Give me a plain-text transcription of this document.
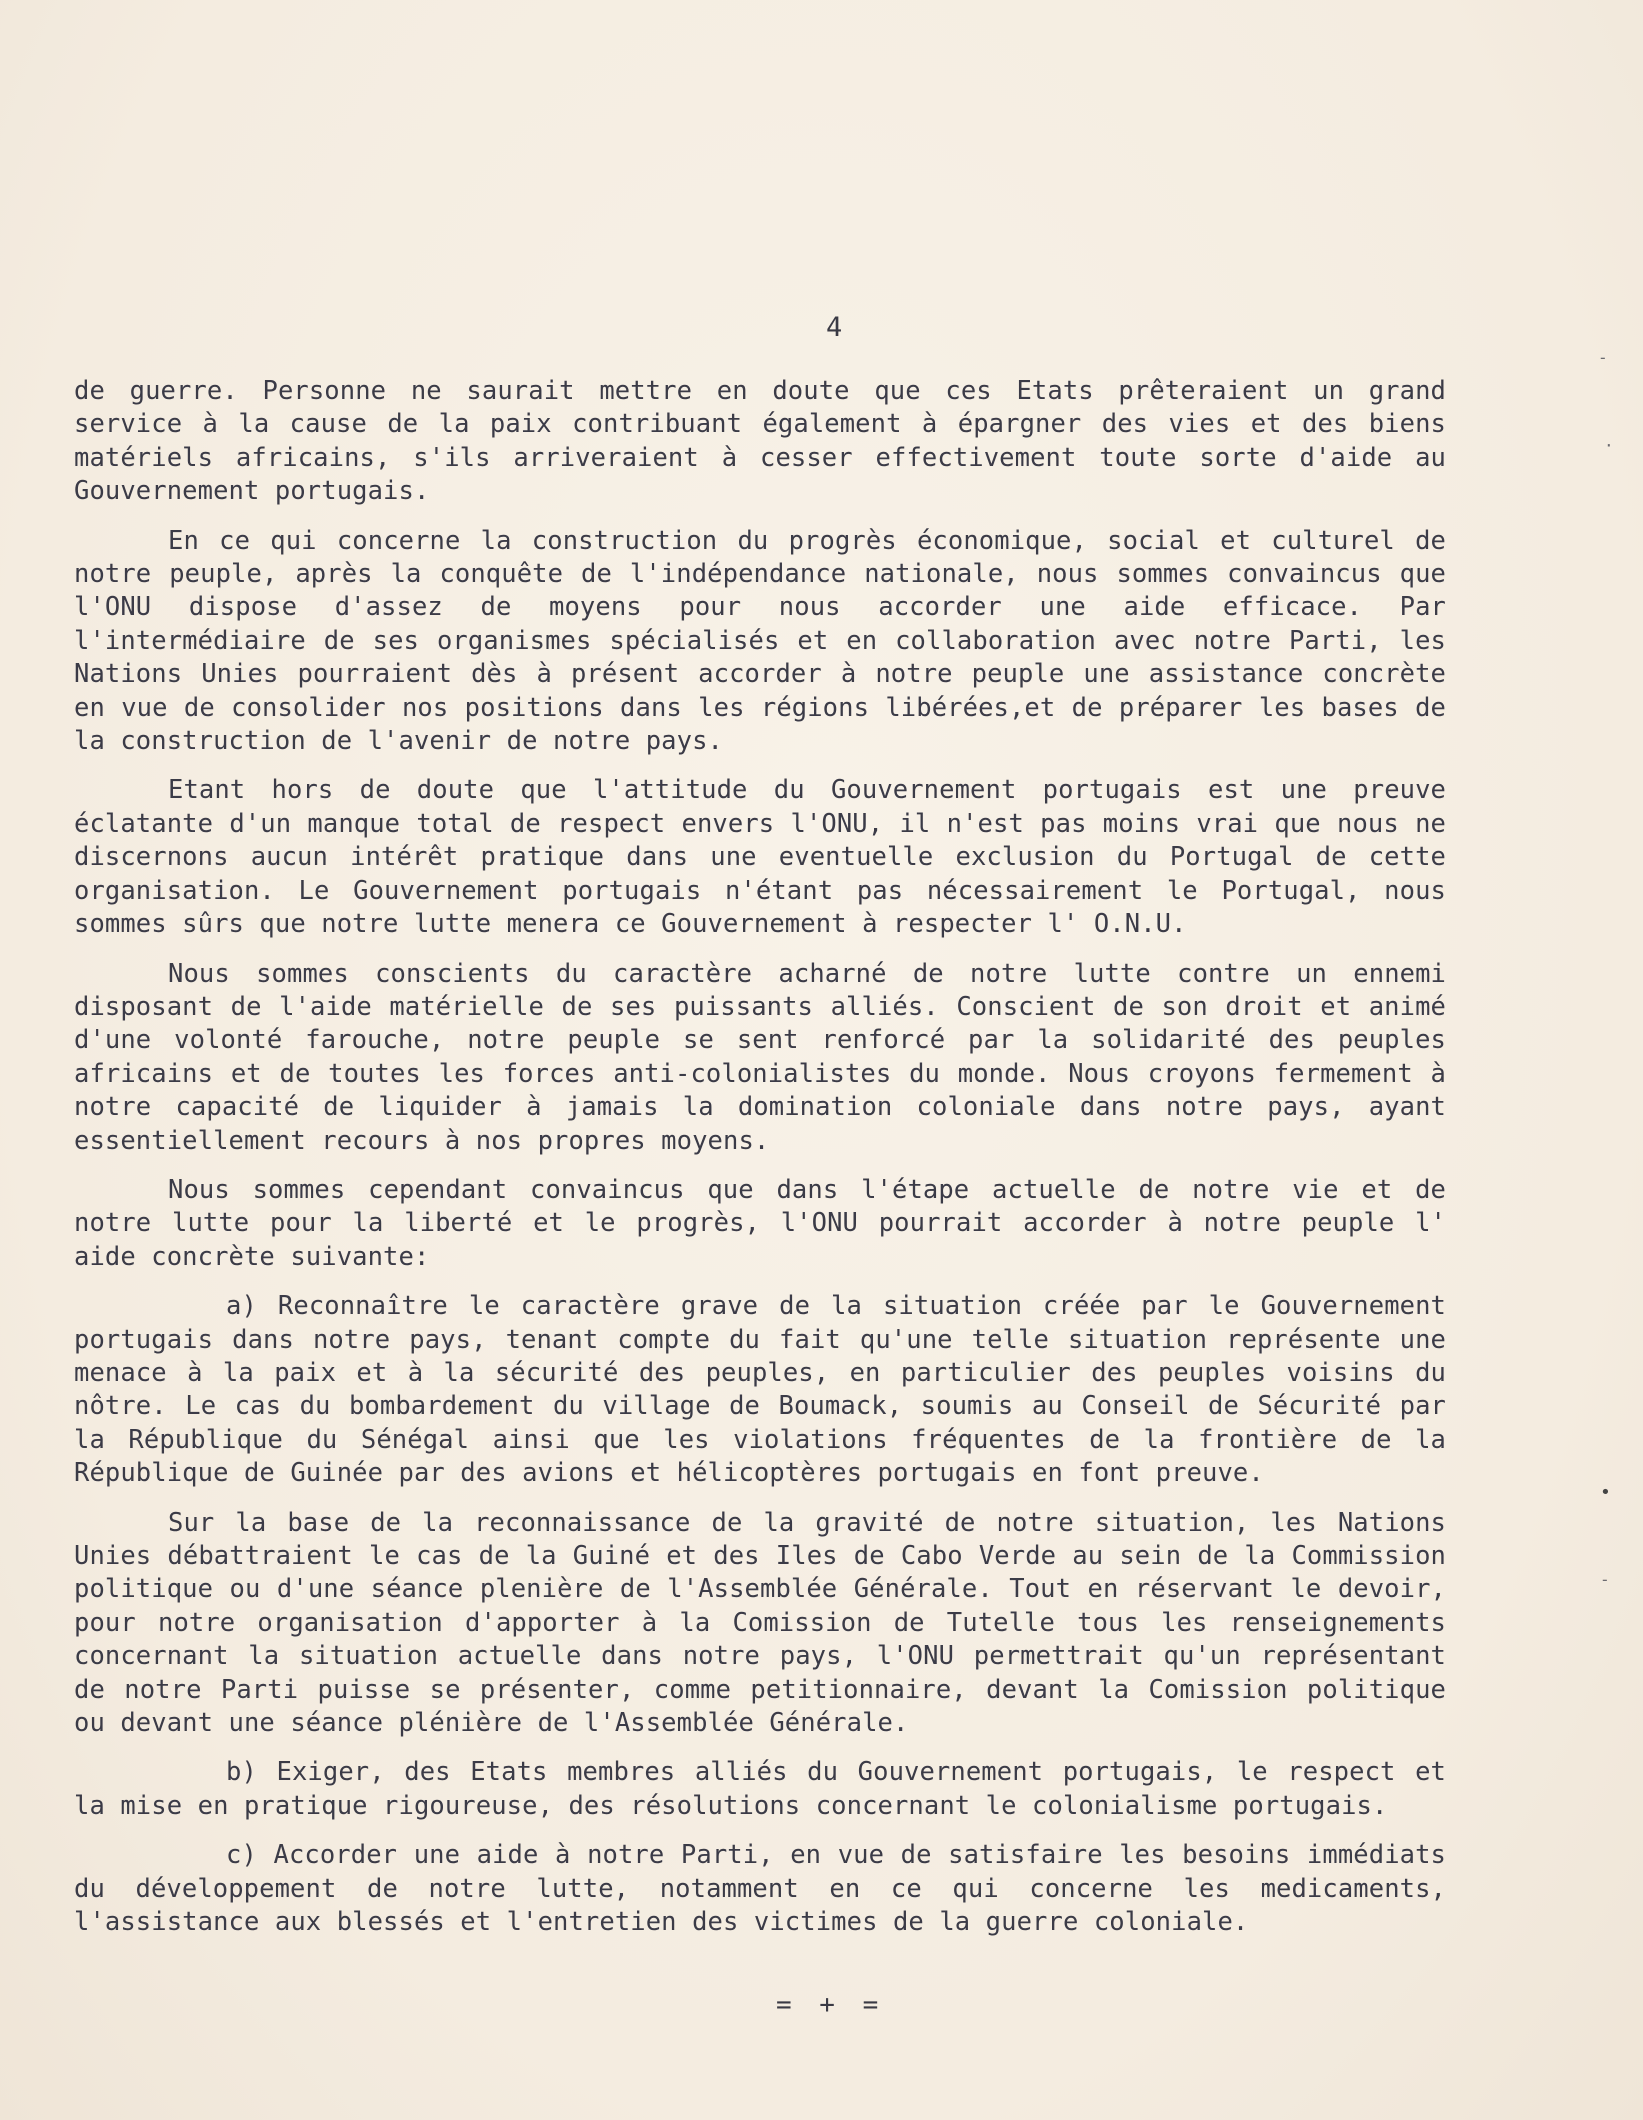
4

de guerre. Personne ne saurait mettre en doute que ces Etats prêteraient un grand service à la cause de la paix contribuant également à épargner des vies et des biens matériels africains, s'ils arriveraient à cesser effectivement toute sorte d'aide au Gouvernement portugais.

En ce qui concerne la construction du progrès économique, social et culturel de notre peuple, après la conquête de l'indépendance nationale, nous sommes convaincus que l'ONU dispose d'assez de moyens pour nous accorder une aide efficace. Par l'intermédiaire de ses organismes spécialisés et en collaboration avec notre Parti, les Nations Unies pourraient dès à présent accorder à notre peuple une assistance concrète en vue de consolider nos positions dans les régions libérées,et de préparer les bases de la construction de l'avenir de notre pays.

Etant hors de doute que l'attitude du Gouvernement portugais est une preuve éclatante d'un manque total de respect envers l'ONU, il n'est pas moins vrai que nous ne discernons aucun intérêt pratique dans une eventuelle exclusion du Portugal de cette organisation. Le Gouvernement portugais n'étant pas nécessairement le Portugal, nous sommes sûrs que notre lutte menera ce Gouvernement à respecter l' O.N.U.

Nous sommes conscients du caractère acharné de notre lutte contre un ennemi disposant de l'aide matérielle de ses puissants alliés. Conscient de son droit et animé d'une volonté farouche, notre peuple se sent renforcé par la solidarité des peuples africains et de toutes les forces anti-colonialistes du monde. Nous croyons fermement à notre capacité de liquider à jamais la domination coloniale dans notre pays, ayant essentiellement recours à nos propres moyens.

Nous sommes cependant convaincus que dans l'étape actuelle de notre vie et de notre lutte pour la liberté et le progrès, l'ONU pourrait accorder à notre peuple l' aide concrète suivante:

a) Reconnaître le caractère grave de la situation créée par le Gouvernement portugais dans notre pays, tenant compte du fait qu'une telle situation représente une menace à la paix et à la sécurité des peuples, en particulier des peuples voisins du nôtre. Le cas du bombardement du village de Boumack, soumis au Conseil de Sécurité par la République du Sénégal ainsi que les violations fréquentes de la frontière de la République de Guinée par des avions et hélicoptères portugais en font preuve.

Sur la base de la reconnaissance de la gravité de notre situation, les Nations Unies débattraient le cas de la Guiné et des Iles de Cabo Verde au sein de la Commission politique ou d'une séance plenière de l'Assemblée Générale. Tout en réservant le devoir, pour notre organisation d'apporter à la Comission de Tutelle tous les renseignements concernant la situation actuelle dans notre pays, l'ONU permettrait qu'un représentant de notre Parti puisse se présenter, comme petitionnaire, devant la Comission politique ou devant une séance plénière de l'Assemblée Générale.

b) Exiger, des Etats membres alliés du Gouvernement portugais, le respect et la mise en pratique rigoureuse, des résolutions concernant le colonialisme portugais.

c) Accorder une aide à notre Parti, en vue de satisfaire les besoins immédiats du développement de notre lutte, notamment en ce qui concerne les medicaments, l'assistance aux blessés et l'entretien des victimes de la guerre coloniale.

= + =
‐
·
•
‐
